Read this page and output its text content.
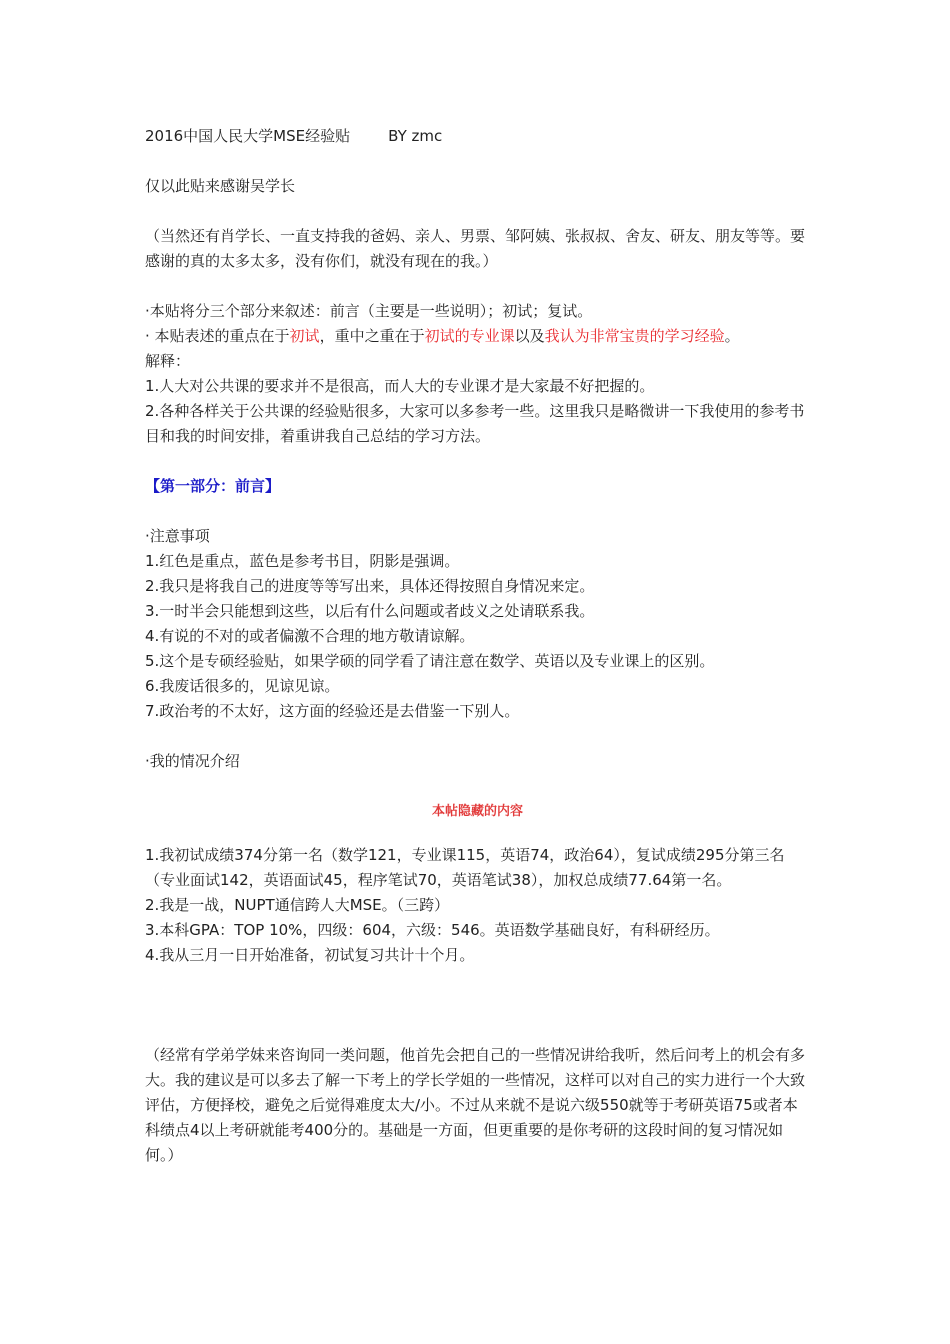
2016中国人民大学MSE经验贴	BY zmc

仅以此贴来感谢吴学长

（当然还有肖学长、一直支持我的爸妈、亲人、男票、邹阿姨、张叔叔、舍友、研友、朋友等等。要感谢的真的太多太多，没有你们，就没有现在的我。）

·本贴将分三个部分来叙述：前言（主要是一些说明）；初试；复试。

· 本贴表述的重点在于初试，重中之重在于初试的专业课以及我认为非常宝贵的学习经验。

解释：

1.人大对公共课的要求并不是很高，而人大的专业课才是大家最不好把握的。

2.各种各样关于公共课的经验贴很多，大家可以多参考一些。这里我只是略微讲一下我使用的参考书目和我的时间安排，着重讲我自己总结的学习方法。

【第一部分：前言】

·注意事项

1.红色是重点，蓝色是参考书目，阴影是强调。

2.我只是将我自己的进度等等写出来，具体还得按照自身情况来定。

3.一时半会只能想到这些，以后有什么问题或者歧义之处请联系我。

4.有说的不对的或者偏激不合理的地方敬请谅解。

5.这个是专硕经验贴，如果学硕的同学看了请注意在数学、英语以及专业课上的区别。

6.我废话很多的，见谅见谅。

7.政治考的不太好，这方面的经验还是去借鉴一下别人。

·我的情况介绍

本帖隐藏的内容

1.我初试成绩374分第一名（数学121，专业课115，英语74，政治64），复试成绩295分第三名（专业面试142，英语面试45，程序笔试70，英语笔试38），加权总成绩77.64第一名。

2.我是一战，NUPT通信跨人大MSE。（三跨）

3.本科GPA：TOP 10%，四级：604，六级：546。英语数学基础良好，有科研经历。

4.我从三月一日开始准备，初试复习共计十个月。

（经常有学弟学妹来咨询同一类问题，他首先会把自己的一些情况讲给我听，然后问考上的机会有多大。我的建议是可以多去了解一下考上的学长学姐的一些情况，这样可以对自己的实力进行一个大致评估，方便择校，避免之后觉得难度太大/小。不过从来就不是说六级550就等于考研英语75或者本科绩点4以上考研就能考400分的。基础是一方面，但更重要的是你考研的这段时间的复习情况如何。）
